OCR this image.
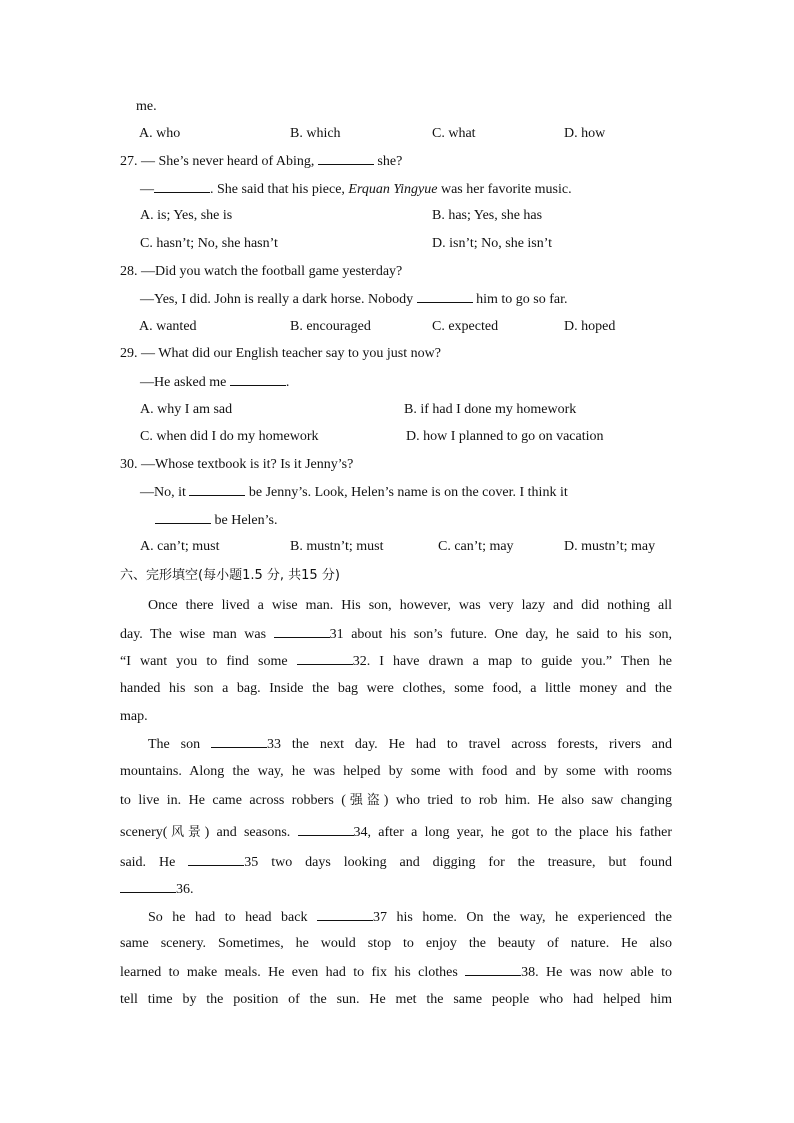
me.
A. who	B. which	C. what	D. how
27. — She’s never heard of Abing,	she?
—	. She said that his piece, Erquan Yingyue was her favorite music.
A. is; Yes, she is	B. has; Yes, she has
C. hasn’t; No, she hasn’t	D. isn’t; No, she isn’t
28. —Did you watch the football game yesterday?
—Yes, I did. John is really a dark horse. Nobody	him to go so far.
A. wanted	B. encouraged	C. expected	D. hoped
29. — What did our English teacher say to you just now?
—He asked me	.
A. why I am sad	B. if had I done my homework
C. when did I do my homework	D. how I planned to go on vacation
30. —Whose textbook is it? Is it Jenny’s?
—No, it	be Jenny’s. Look, Helen’s name is on the cover. I think it
be Helen’s.
A. can’t; must	B. mustn’t; must	C. can’t; may	D. mustn’t; may
六、完形填空(每小题1.5 分, 共15 分)
Once there lived a wise man. His son, however, was very lazy and did nothing all
day. The wise man was	31 about his son’s future. One day, he said to his son,
“I want you to find some	32. I have drawn a map to guide you.” Then he
handed his son a bag. Inside the bag were clothes, some food, a little money and the
map.
The son	33 the next day. He had to travel across forests, rivers and
mountains. Along the way, he was helped by some with food and by some with rooms
to live in. He came across robbers (强盗) who tried to rob him. He also saw changing
scenery(风景) and seasons.	34, after a long year, he got to the place his father
said. He	35 two days looking and digging for the treasure, but found
36.
So he had to head back	37 his home. On the way, he experienced the
same scenery. Sometimes, he would stop to enjoy the beauty of nature. He also
learned to make meals. He even had to fix his clothes	38. He was now able to
tell time by the position of the sun. He met the same people who had helped him
